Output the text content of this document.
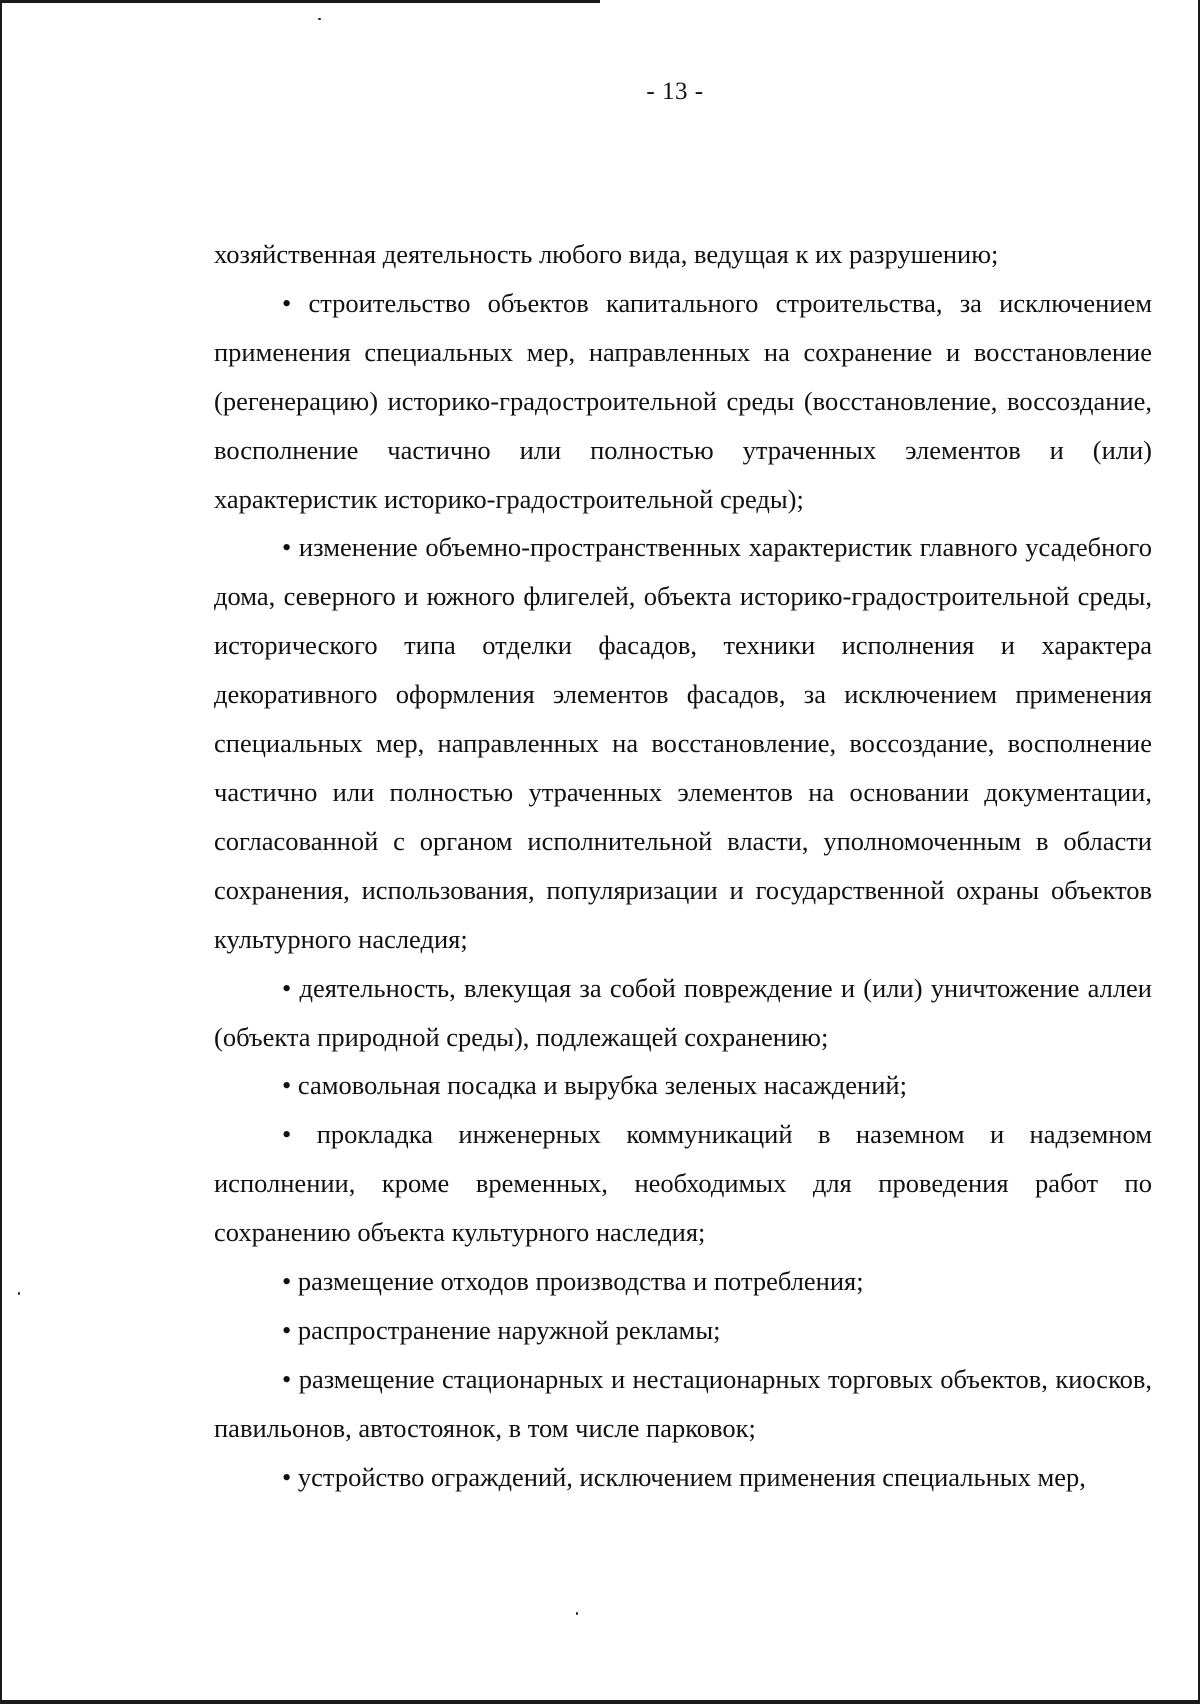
- 13 -

хозяйственная деятельность любого вида, ведущая к их разрушению;

• строительство объектов капитального строительства, за исключением применения специальных мер, направленных на сохранение и восстановление (регенерацию) историко-градостроительной среды (восстановление, воссоздание, восполнение частично или полностью утраченных элементов и (или) характеристик историко-градостроительной среды);

• изменение объемно-пространственных характеристик главного усадебного дома, северного и южного флигелей, объекта историко-градостроительной среды, исторического типа отделки фасадов, техники исполнения и характера декоративного оформления элементов фасадов, за исключением применения специальных мер, направленных на восстановление, воссоздание, восполнение частично или полностью утраченных элементов на основании документации, согласованной с органом исполнительной власти, уполномоченным в области сохранения, использования, популяризации и государственной охраны объектов культурного наследия;

• деятельность, влекущая за собой повреждение и (или) уничтожение аллеи (объекта природной среды), подлежащей сохранению;

• самовольная посадка и вырубка зеленых насаждений;

• прокладка инженерных коммуникаций в наземном и надземном исполнении, кроме временных, необходимых для проведения работ по сохранению объекта культурного наследия;

• размещение отходов производства и потребления;

• распространение наружной рекламы;

• размещение стационарных и нестационарных торговых объектов, киосков, павильонов, автостоянок, в том числе парковок;

• устройство ограждений, исключением применения специальных мер,
